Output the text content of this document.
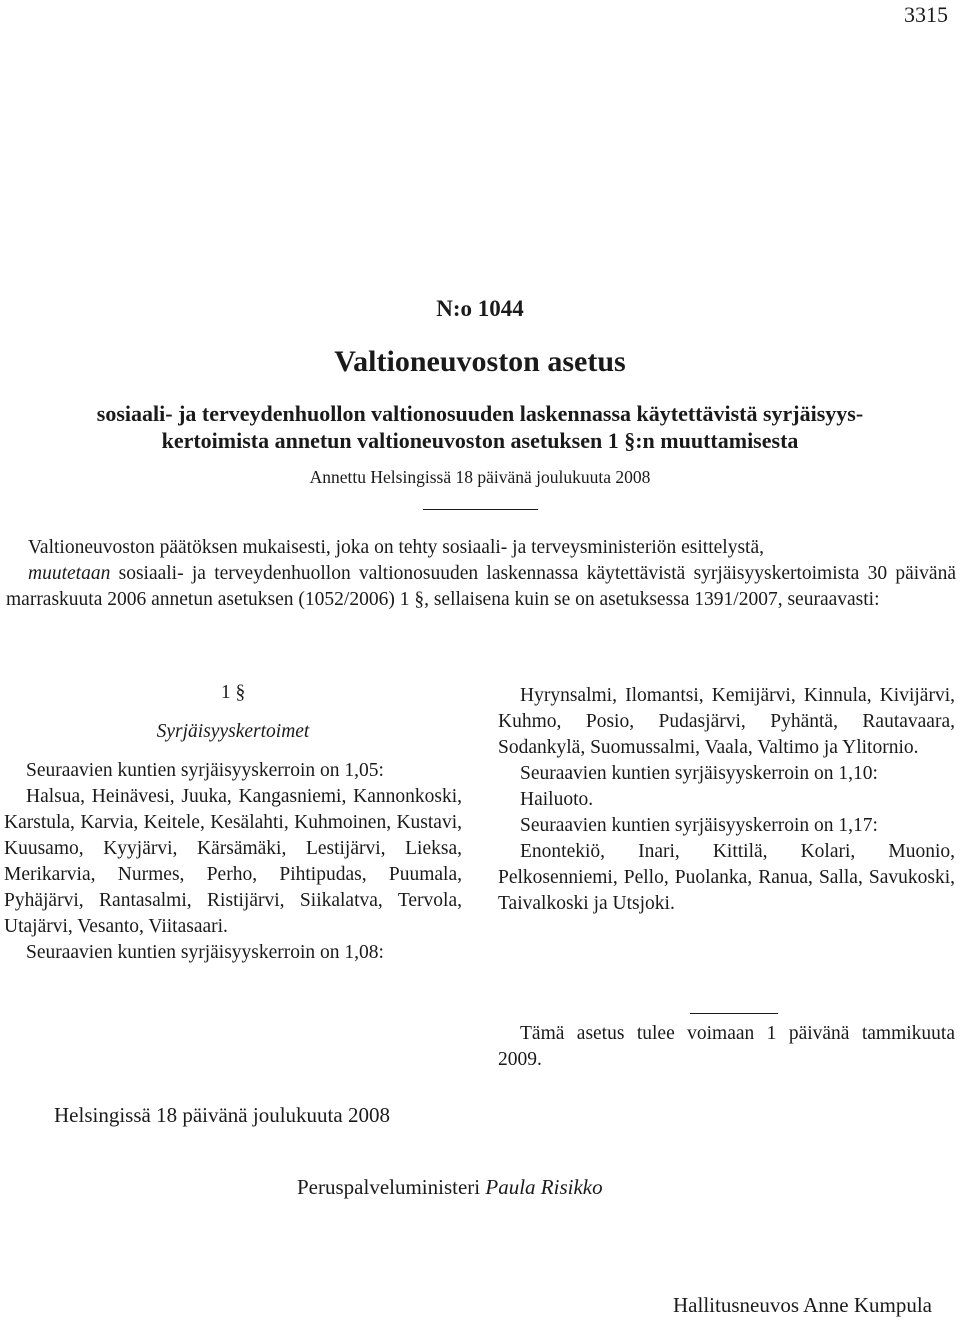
3315
N:o 1044
Valtioneuvoston asetus
sosiaali- ja terveydenhuollon valtionosuuden laskennassa käytettävistä syrjäisyys-
kertoimista annetun valtioneuvoston asetuksen 1 §:n muuttamisesta
Annettu Helsingissä 18 päivänä joulukuuta 2008

Valtioneuvoston päätöksen mukaisesti, joka on tehty sosiaali- ja terveysministeriön esittelystä,

muutetaan sosiaali- ja terveydenhuollon valtionosuuden laskennassa käytettävistä syrjäisyyskertoimista 30 päivänä marraskuuta 2006 annetun asetuksen (1052/2006) 1 §, sellaisena kuin se on asetuksessa 1391/2007, seuraavasti:

1 §

Syrjäisyyskertoimet

Seuraavien kuntien syrjäisyyskerroin on 1,05:

Halsua, Heinävesi, Juuka, Kangasniemi, Kannonkoski, Karstula, Karvia, Keitele, Kesälahti, Kuhmoinen, Kustavi, Kuusamo, Kyyjärvi, Kärsämäki, Lestijärvi, Lieksa, Merikarvia, Nurmes, Perho, Pihtipudas, Puumala, Pyhäjärvi, Rantasalmi, Ristijärvi, Siikalatva, Tervola, Utajärvi, Vesanto, Viitasaari.

Seuraavien kuntien syrjäisyyskerroin on 1,08:

Hyrynsalmi, Ilomantsi, Kemijärvi, Kinnula, Kivijärvi, Kuhmo, Posio, Pudasjärvi, Pyhäntä, Rautavaara, Sodankylä, Suomussalmi, Vaala, Valtimo ja Ylitornio.

Seuraavien kuntien syrjäisyyskerroin on 1,10:

Hailuoto.

Seuraavien kuntien syrjäisyyskerroin on 1,17:

Enontekiö, Inari, Kittilä, Kolari, Muonio, Pelkosenniemi, Pello, Puolanka, Ranua, Salla, Savukoski, Taivalkoski ja Utsjoki.

Tämä asetus tulee voimaan 1 päivänä tammikuuta 2009.

Helsingissä 18 päivänä joulukuuta 2008
Peruspalveluministeri Paula Risikko
Hallitusneuvos Anne Kumpula
